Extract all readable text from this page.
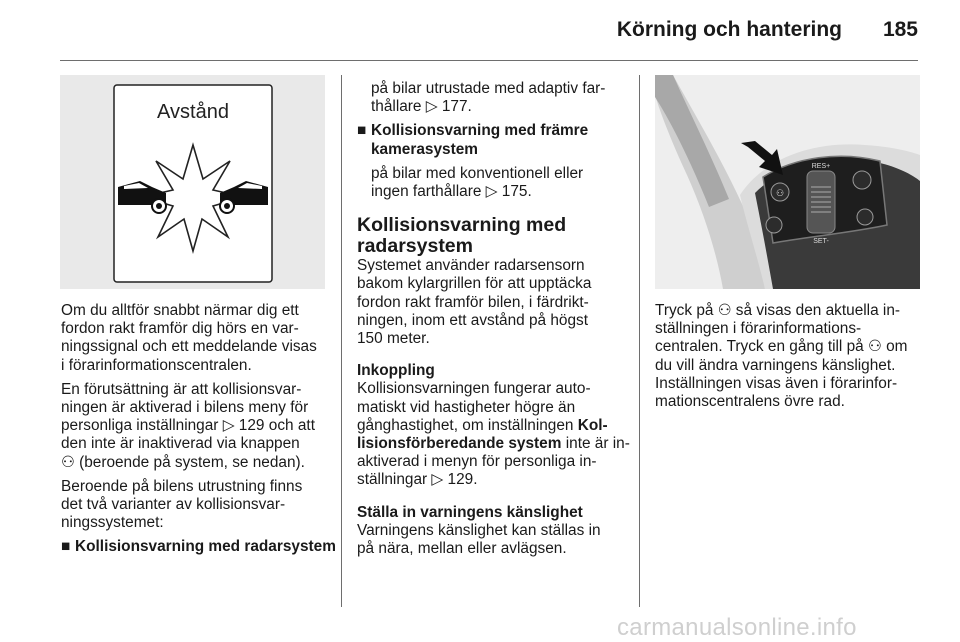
Körning och hantering 185
Avstånd
⚇
RES+
SET-

Om du alltför snabbt närmar dig ett
fordon rakt framför dig hörs en var-
ningssignal och ett meddelande visas
i förarinformationscentralen.

En förutsättning är att kollisionsvar-
ningen är aktiverad i bilens meny för
personliga inställningar ▷ 129 och att
den inte är inaktiverad via knappen
⚇ (beroende på system, se nedan).

Beroende på bilens utrustning finns
det två varianter av kollisionsvar-
ningssystemet:

■ Kollisionsvarning med radarsystem

på bilar utrustade med adaptiv far-
thållare ▷ 177.

■ Kollisionsvarning med främre
kamerasystem

på bilar med konventionell eller
ingen farthållare ▷ 175.

Kollisionsvarning med
radarsystem

Systemet använder radarsensorn
bakom kylargrillen för att upptäcka
fordon rakt framför bilen, i färdrikt-
ningen, inom ett avstånd på högst
150 meter.

Inkoppling

Kollisionsvarningen fungerar auto-
matiskt vid hastigheter högre än
gånghastighet, om inställningen Kol-
lisionsförberedande system inte är in-
aktiverad i menyn för personliga in-
ställningar ▷ 129.

Ställa in varningens känslighet

Varningens känslighet kan ställas in
på nära, mellan eller avlägsen.

Tryck på ⚇ så visas den aktuella in-
ställningen i förarinformations-
centralen. Tryck en gång till på ⚇ om
du vill ändra varningens känslighet.
Inställningen visas även i förarinfor-
mationscentralens övre rad.

carmanualsonline.info
